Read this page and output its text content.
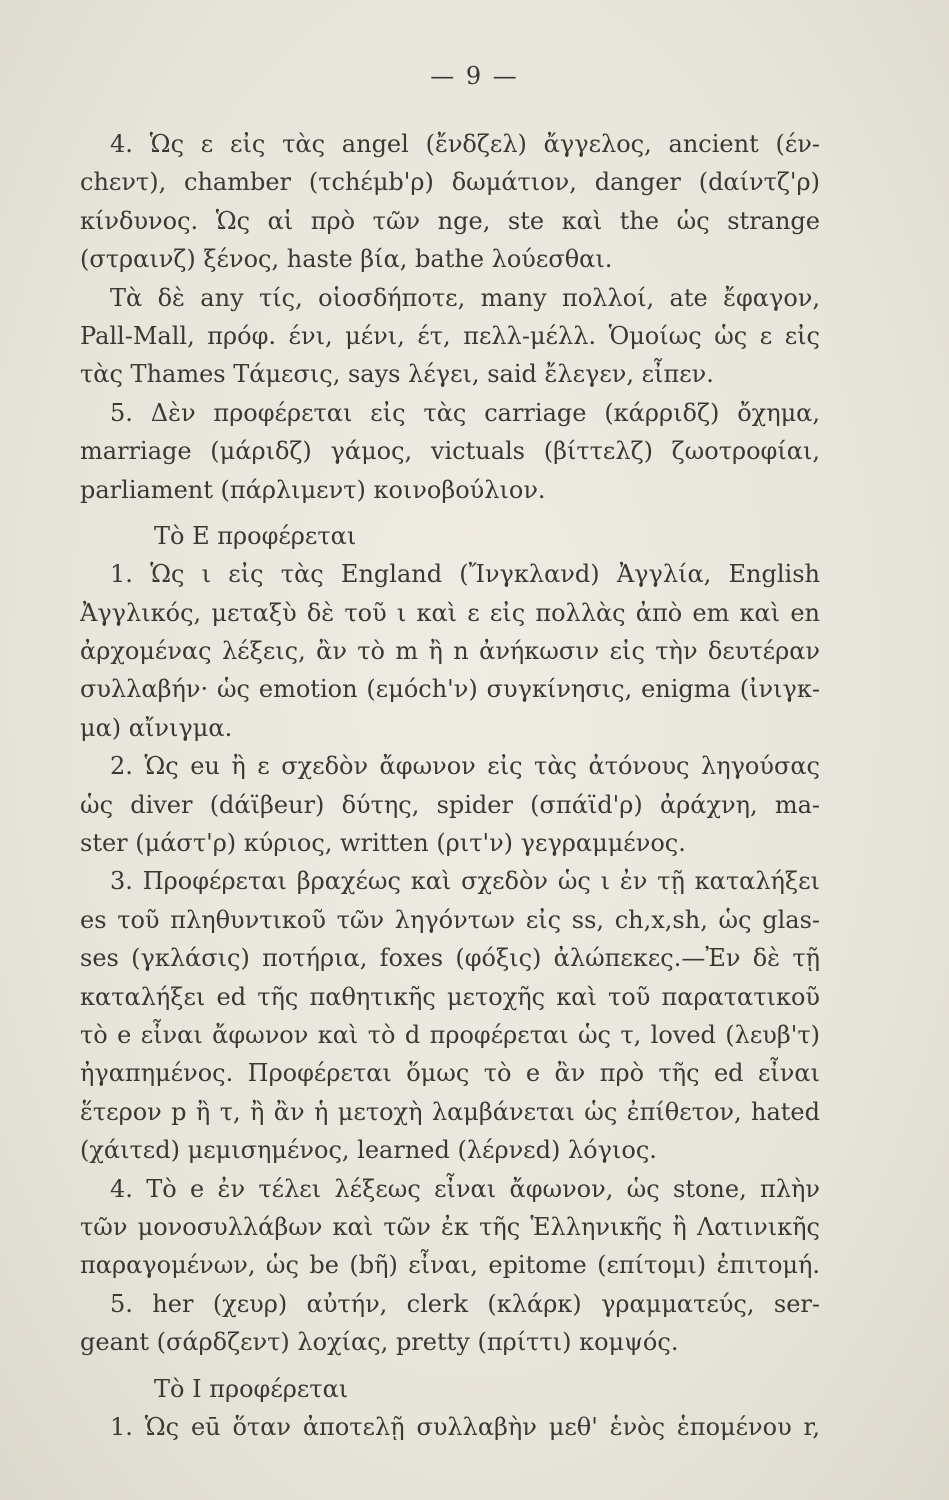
— 9 —
4. Ὡς ε εἰς τὰς angel (ἔνδζελ) ἄγγελος, ancient (έν-
chεντ), chamber (τchέμb'ρ) δωμάτιον, danger (dαίντζ'ρ)
κίνδυνος. Ὡς αἱ πρὸ τῶν nge, ste καὶ the ὡς strange
(στραινζ) ξένος, haste βία, bathe λούεσθαι.
Τὰ δὲ any τίς, οἱοσδήποτε, many πολλοί, ate ἔφαγον,
Pall-Mall, πρόφ. ένι, μένι, έτ, πελλ-μέλλ. Ὁμοίως ὡς ε εἰς
τὰς Thames Τάμεσις, says λέγει, said ἔλεγεν, εἶπεν.
5. Δὲν προφέρεται εἰς τὰς carriage (κάρριδζ) ὄχημα,
marriage (μάριδζ) γάμος, victuals (βίττελζ) ζωοτροφίαι,
parliament (πάρλιμεντ) κοινοβούλιον.
Τὸ E προφέρεται
1. Ὡς ι εἰς τὰς England (Ἴνγκλανd) Ἀγγλία, English
Ἀγγλικός, μεταξὺ δὲ τοῦ ι καὶ ε εἰς πολλὰς ἀπὸ em καὶ en
ἀρχομένας λέξεις, ἂν τὸ m ἢ n ἀνήκωσιν εἰς τὴν δευτέραν
συλλαβήν· ὡς emotion (εμόch'ν) συγκίνησις, enigma (ἰνιγκ-
μα) αἴνιγμα.
2. Ὡς eu ἢ ε σχεδὸν ἄφωνον εἰς τὰς ἀτόνους ληγούσας
ὡς diver (dάϊβeur) δύτης, spider (σπάϊd'ρ) ἀράχνη, ma-
ster (μάστ'ρ) κύριος, written (ριτ'ν) γεγραμμένος.
3. Προφέρεται βραχέως καὶ σχεδὸν ὡς ι ἐν τῇ καταλήξει
es τοῦ πληθυντικοῦ τῶν ληγόντων εἰς ss, ch,x,sh, ὡς glas-
ses (γκλάσις) ποτήρια, foxes (φόξις) ἀλώπεκες.—Ἐν δὲ τῇ
καταλήξει ed τῆς παθητικῆς μετοχῆς καὶ τοῦ παρατατικοῦ
τὸ e εἶναι ἄφωνον καὶ τὸ d προφέρεται ὡς τ, loved (λευβ'τ)
ἠγαπημένος. Προφέρεται ὅμως τὸ e ἂν πρὸ τῆς ed εἶναι
ἕτερον p ἢ τ, ἢ ἂν ἡ μετοχὴ λαμβάνεται ὡς ἐπίθετον, hated
(χάιτεd) μεμισημένος, learned (λέρνεd) λόγιος.
4. Τὸ e ἐν τέλει λέξεως εἶναι ἄφωνον, ὡς stone, πλὴν
τῶν μονοσυλλάβων καὶ τῶν ἐκ τῆς Ἑλληνικῆς ἢ Λατινικῆς
παραγομένων, ὡς be (bῆ) εἶναι, epitome (επίτομι) ἐπιτομή.
5. her (χευρ) αὐτήν, clerk (κλάρκ) γραμματεύς, ser-
geant (σάρδζεντ) λοχίας, pretty (πρίττι) κομψός.
Τὸ I προφέρεται
1. Ὡς eū ὅταν ἀποτελῇ συλλαβὴν μεθ' ἑνὸς ἑπομένου r,
